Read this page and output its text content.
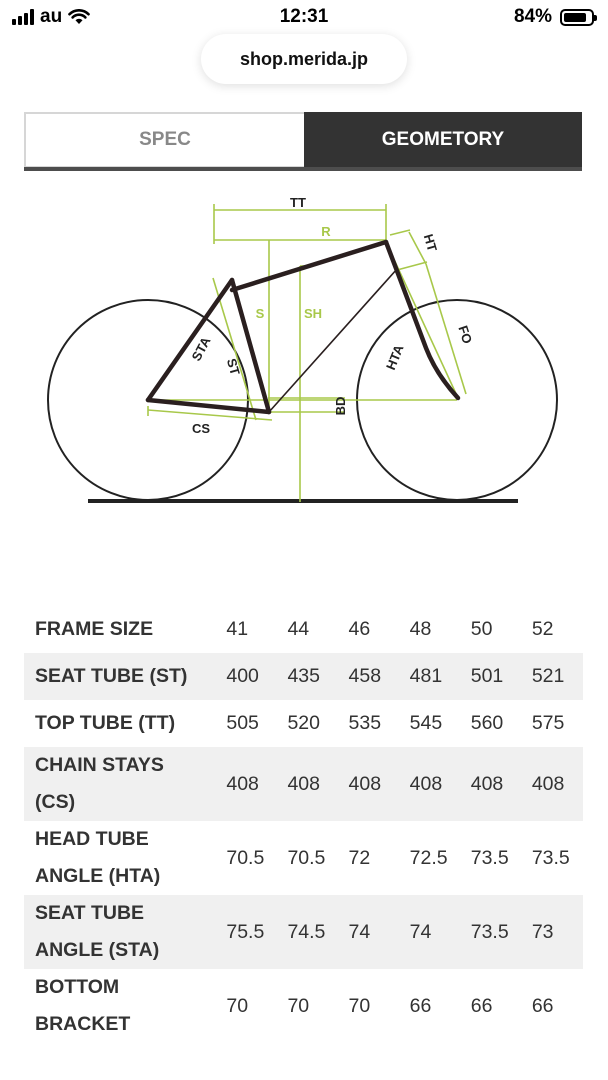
au	12:31	84%
shop.merida.jp
SPEC	GEOMETORY
R
S	SH
TT
HT
FO
STA
ST	HTA
BD
CS
FRAME SIZE	41	44	46	48	50	52

SEAT TUBE (ST)	400	435	458	481	501	521

TOP TUBE (TT)	505	520	535	545	560	575

CHAIN STAYS
(CS)	408	408	408	408	408	408

HEAD TUBE
ANGLE (HTA)	70.5	70.5	72	72.5	73.5	73.5

SEAT TUBE
ANGLE (STA)	75.5	74.5	74	74	73.5	73

BOTTOM
BRACKET	70	70	70	66	66	66
